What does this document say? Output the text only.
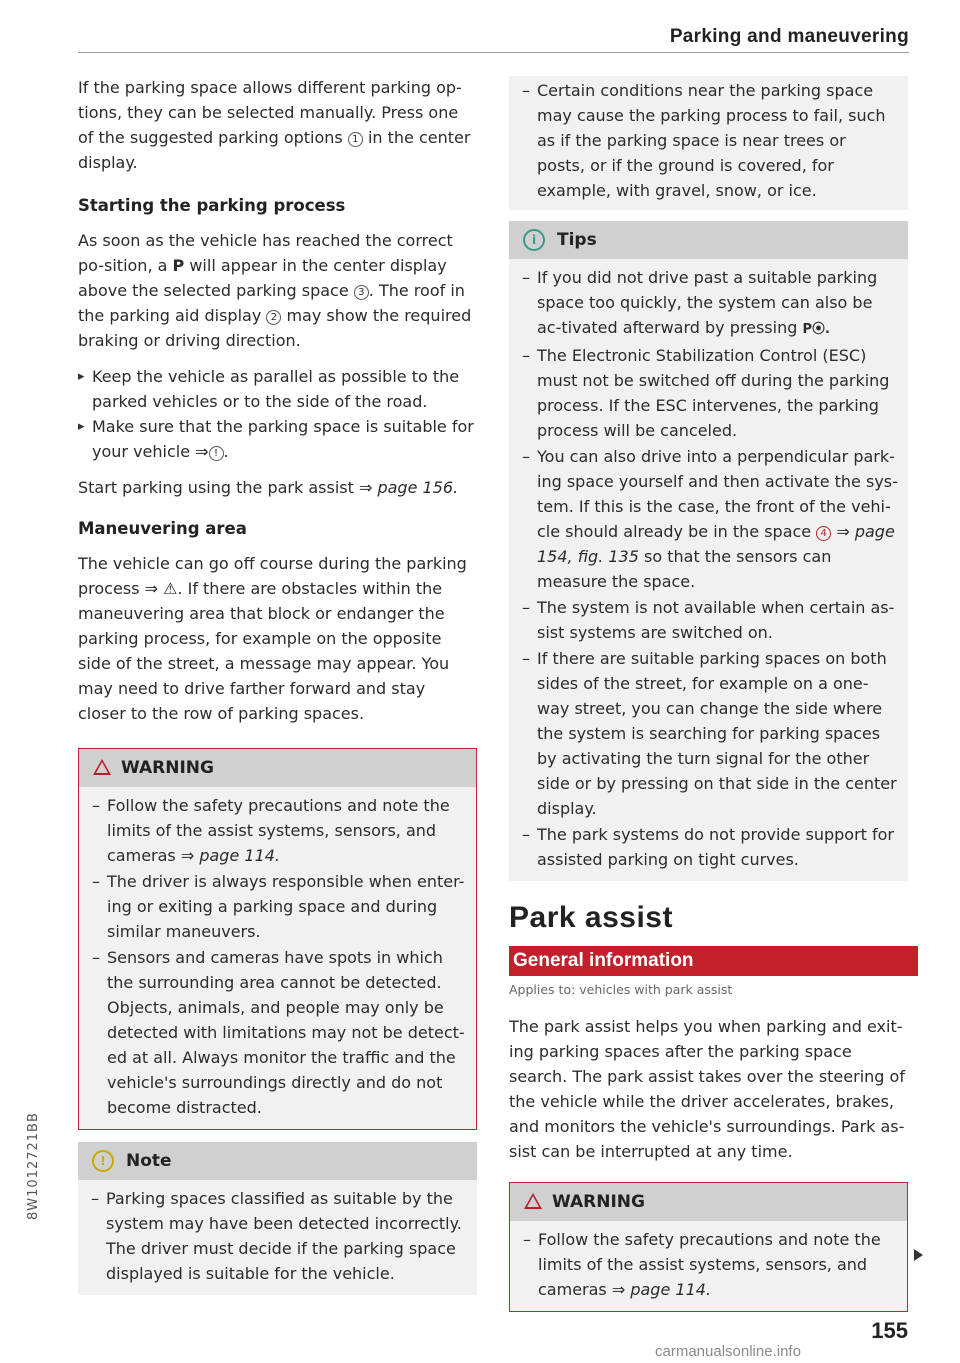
Parking and maneuvering

If the parking space allows different parking op-tions, they can be selected manually. Press one of the suggested parking options 1 in the center display.

Starting the parking process

As soon as the vehicle has reached the correct po-sition, a P will appear in the center display above the selected parking space 3 . The roof in the parking aid display 2 may show the required braking or driving direction.

▸ Keep the vehicle as parallel as possible to the parked vehicles or to the side of the road.

▸ Make sure that the parking space is suitable for your vehicle ⇒ ! .

Start parking using the park assist ⇒ page 156.

Maneuvering area

The vehicle can go off course during the parking process ⇒ ⚠. If there are obstacles within the maneuvering area that block or endanger the parking process, for example on the opposite side of the street, a message may appear. You may need to drive farther forward and stay closer to the row of parking spaces.

WARNING

– Follow the safety precautions and note the limits of the assist systems, sensors, and cameras ⇒ page 114.

– The driver is always responsible when enter-ing or exiting a parking space and during similar maneuvers.

– Sensors and cameras have spots in which the surrounding area cannot be detected. Objects, animals, and people may only be detected with limitations may not be detect-ed at all. Always monitor the traffic and the vehicle's surroundings directly and do not become distracted.

! Note

– Parking spaces classified as suitable by the system may have been detected incorrectly. The driver must decide if the parking space displayed is suitable for the vehicle.

– Certain conditions near the parking space may cause the parking process to fail, such as if the parking space is near trees or posts, or if the ground is covered, for example, with gravel, snow, or ice.

i Tips

– If you did not drive past a suitable parking space too quickly, the system can also be ac-tivated afterward by pressing P⦿.

– The Electronic Stabilization Control (ESC) must not be switched off during the parking process. If the ESC intervenes, the parking process will be canceled.

– You can also drive into a perpendicular park-ing space yourself and then activate the sys-tem. If this is the case, the front of the vehi-cle should already be in the space 4 ⇒ page 154, fig. 135 so that the sensors can measure the space.

– The system is not available when certain as-sist systems are switched on.

– If there are suitable parking spaces on both sides of the street, for example on a one-way street, you can change the side where the system is searching for parking spaces by activating the turn signal for the other side or by pressing on that side in the center display.

– The park systems do not provide support for assisted parking on tight curves.

Park assist
General information
Applies to: vehicles with park assist

The park assist helps you when parking and exit-ing parking spaces after the parking space search. The park assist takes over the steering of the vehicle while the driver accelerates, brakes, and monitors the vehicle's surroundings. Park as-sist can be interrupted at any time.

WARNING

– Follow the safety precautions and note the limits of the assist systems, sensors, and cameras ⇒ page 114.

8W1012721BB
155
carmanualsonline.info
